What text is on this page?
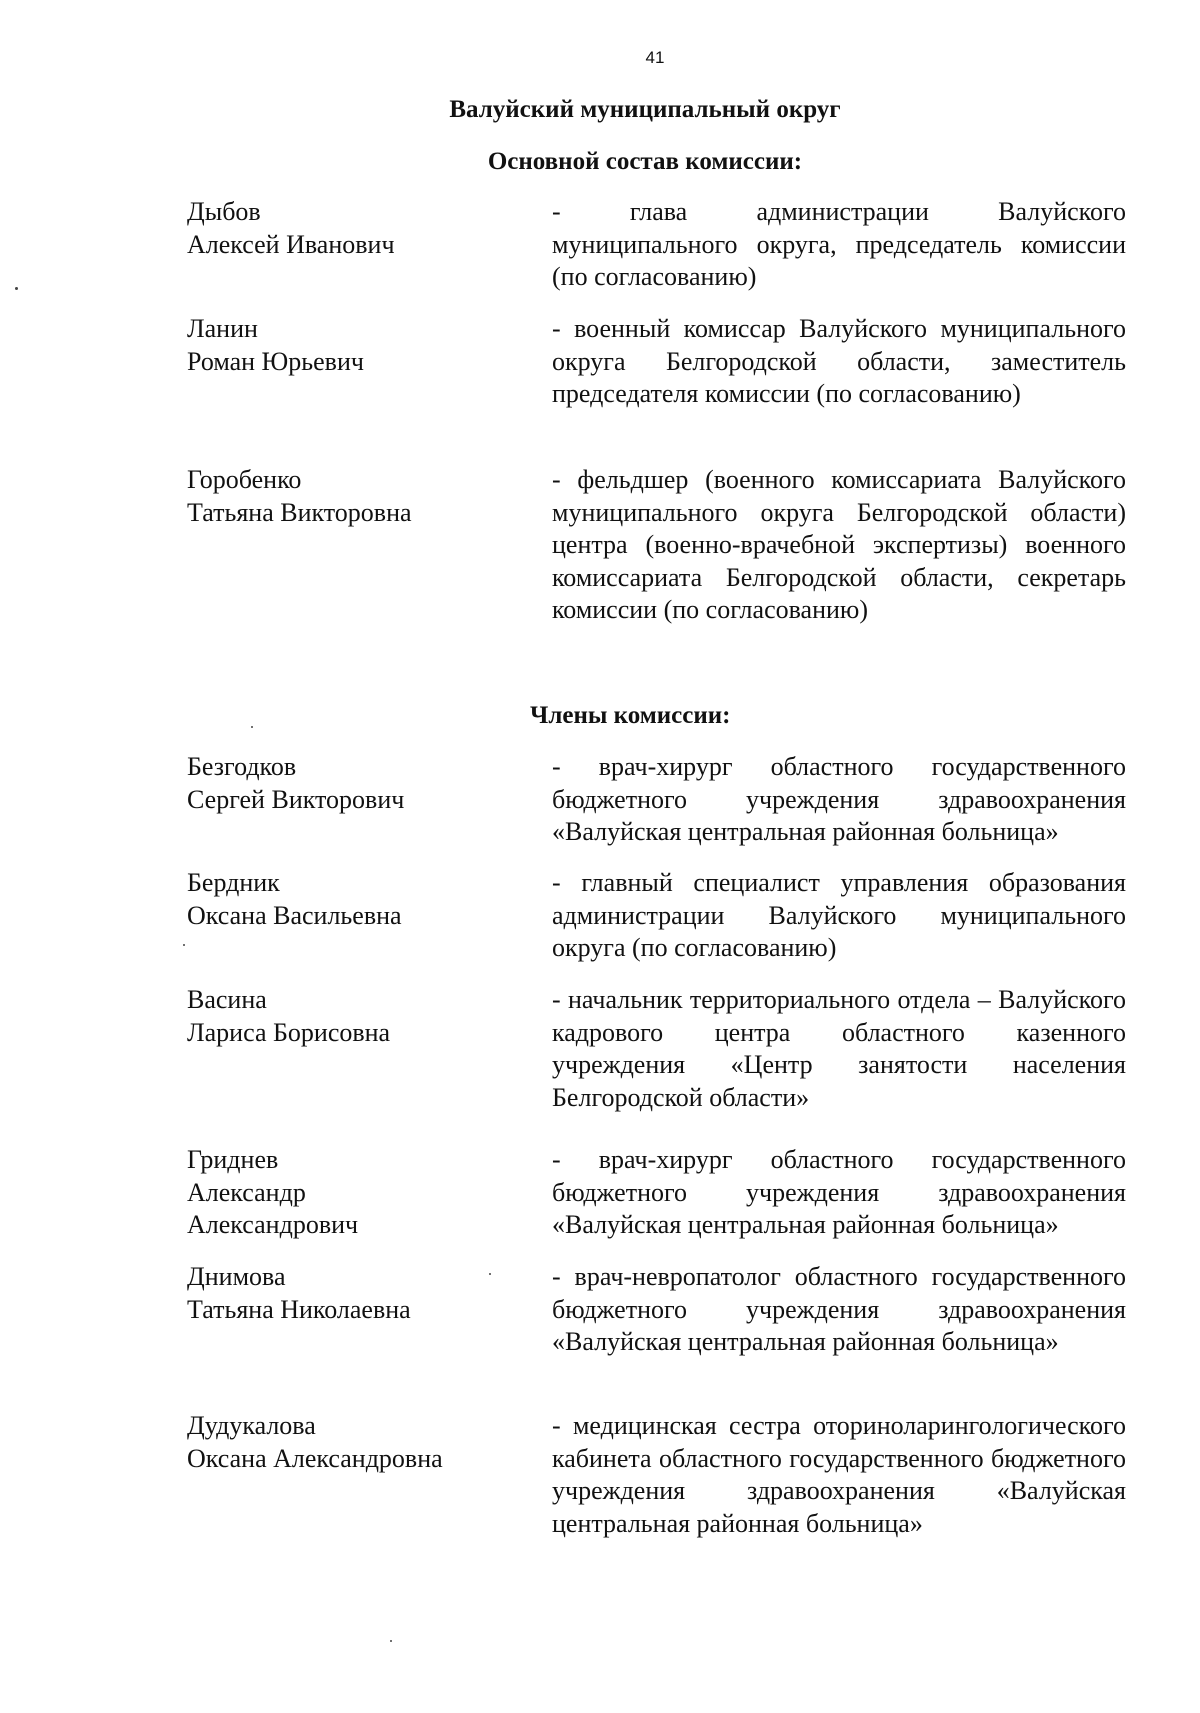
41
Валуйский муниципальный округ
Основной состав комиссии:
Дыбов
Алексей Иванович
- глава администрации Валуйского муниципального округа, председатель комиссии (по согласованию)
Ланин
Роман Юрьевич
- военный комиссар Валуйского муниципального округа Белгородской области, заместитель председателя комиссии (по согласованию)
Горобенко
Татьяна Викторовна
- фельдшер (военного комиссариата Валуйского муниципального округа Белгородской области) центра (военно-врачебной экспертизы) военного комиссариата Белгородской области, секретарь комиссии (по согласованию)
Члены комиссии:
Безгодков
Сергей Викторович
- врач-хирург областного государственного бюджетного учреждения здравоохранения «Валуйская центральная районная больница»
Бердник
Оксана Васильевна
- главный специалист управления образования администрации Валуйского муниципального округа (по согласованию)
Васина
Лариса Борисовна
- начальник территориального отдела – Валуйского кадрового центра областного казенного учреждения «Центр занятости населения Белгородской области»
Гриднев
Александр
Александрович
- врач-хирург областного государственного бюджетного учреждения здравоохранения «Валуйская центральная районная больница»
Днимова
Татьяна Николаевна
- врач-невропатолог областного государственного бюджетного учреждения здравоохранения «Валуйская центральная районная больница»
Дудукалова
Оксана Александровна
- медицинская сестра оториноларингологического кабинета областного государственного бюджетного учреждения здравоохранения «Валуйская центральная районная больница»
